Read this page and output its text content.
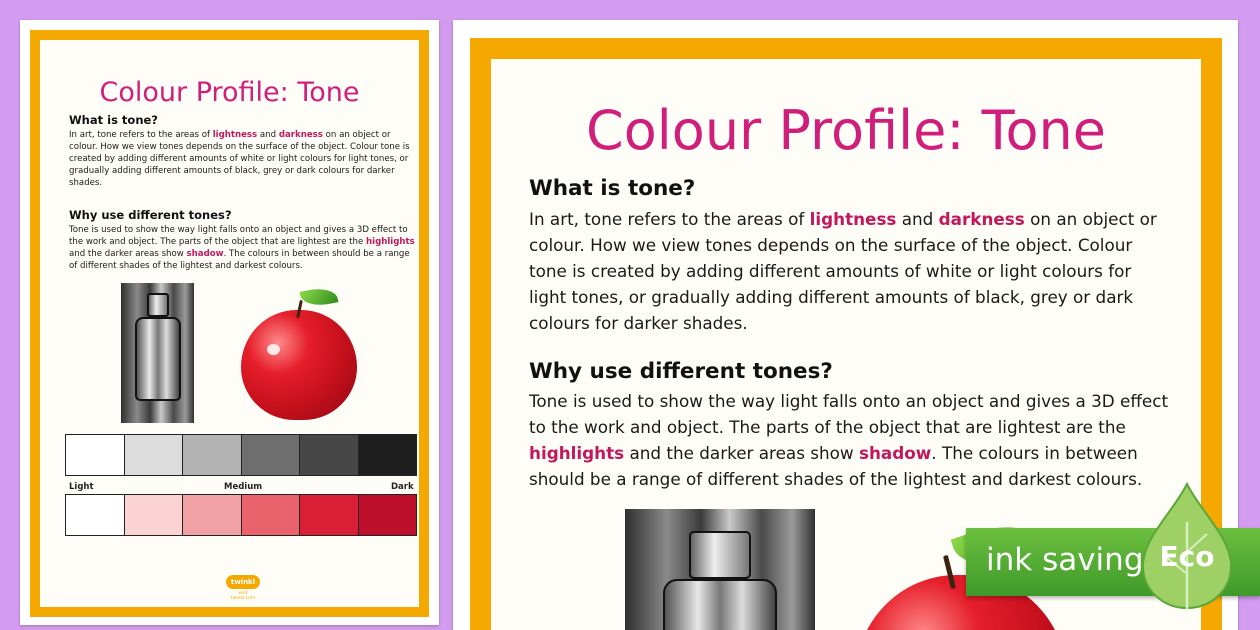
Colour Profile: Tone
What is tone?
In art, tone refers to the areas of lightness and darkness on an object or colour. How we view tones depends on the surface of the object. Colour tone is created by adding different amounts of white or light colours for light tones, or gradually adding different amounts of black, grey or dark colours for darker shades.
Why use different tones?
Tone is used to show the way light falls onto an object and gives a 3D effect to the work and object. The parts of the object that are lightest are the highlights and the darker areas show shadow. The colours in between should be a range of different shades of the lightest and darkest colours.
Light	Medium	Dark
twinkl
visit twinkl.com
Colour Profile: Tone
What is tone?
In art, tone refers to the areas of lightness and darkness on an object or colour. How we view tones depends on the surface of the object. Colour tone is created by adding different amounts of white or light colours for light tones, or gradually adding different amounts of black, grey or dark colours for darker shades.
Why use different tones?
Tone is used to show the way light falls onto an object and gives a 3D effect to the work and object. The parts of the object that are lightest are the highlights and the darker areas show shadow. The colours in between should be a range of different shades of the lightest and darkest colours.
ink saving Eco
